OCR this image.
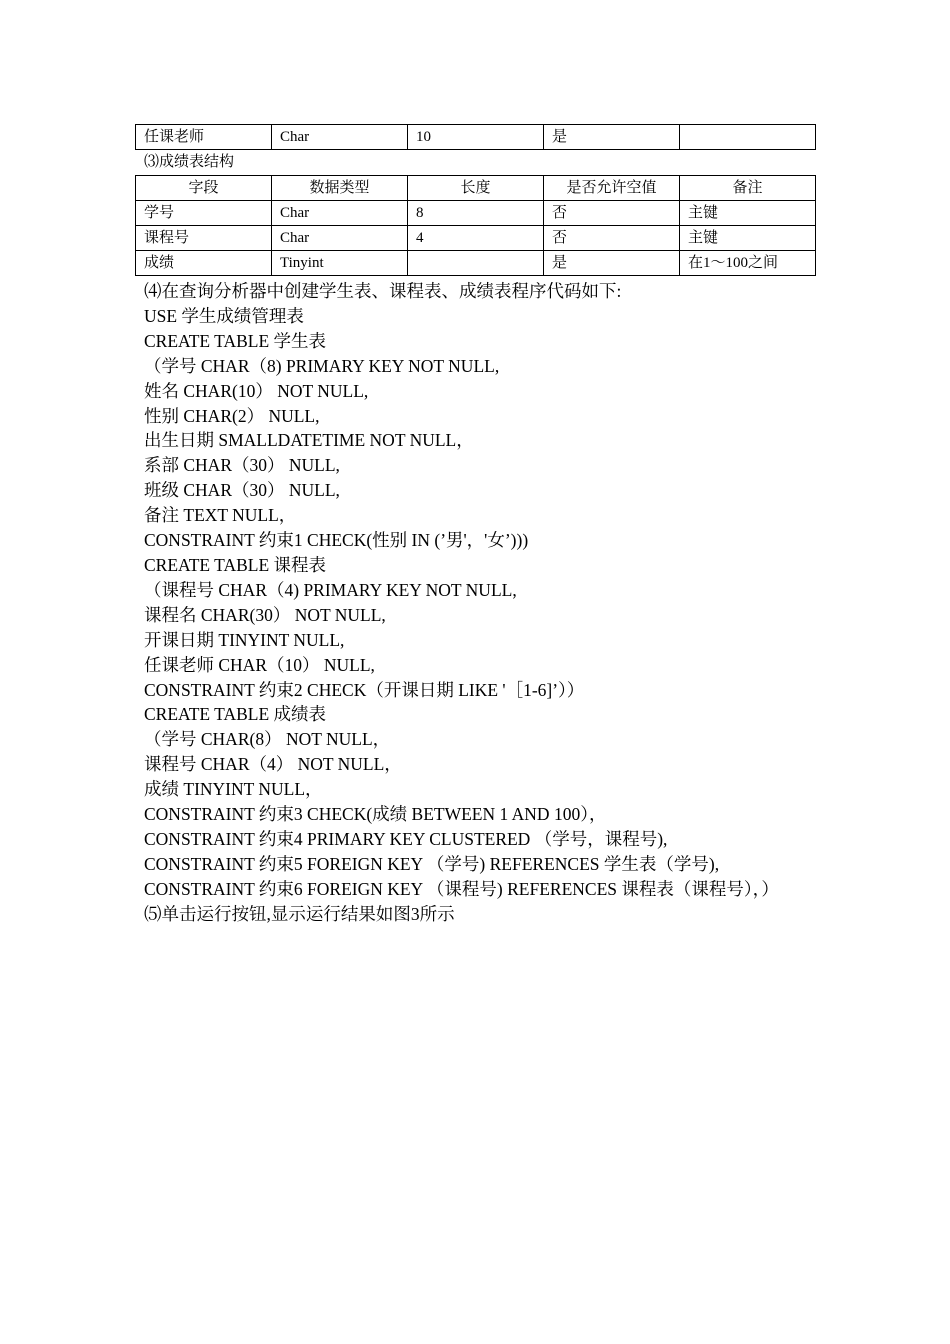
任课老师	Char	10	是	
⑶成绩表结构
字段	数据类型	长度	是否允许空值	备注
学号	Char	8	否	主键
课程号	Char	4	否	主键
成绩	Tinyint		是	在1～100之间
⑷在查询分析器中创建学生表、课程表、成绩表程序代码如下:
USE 学生成绩管理表
CREATE TABLE 学生表
（学号 CHAR（8) PRIMARY KEY NOT NULL,
姓名 CHAR(10） NOT NULL,
性别 CHAR(2） NULL,
出生日期 SMALLDATETIME NOT NULL，
系部 CHAR（30） NULL,
班级 CHAR（30） NULL,
备注 TEXT NULL，
CONSTRAINT 约束1 CHECK(性别 IN (’男'，'女’)))
CREATE TABLE 课程表
（课程号 CHAR（4) PRIMARY KEY NOT NULL,
课程名 CHAR(30） NOT NULL,
开课日期 TINYINT NULL,
任课老师 CHAR（10） NULL,
CONSTRAINT 约束2 CHECK（开课日期 LIKE '［1-6]’））
CREATE TABLE 成绩表
（学号 CHAR(8） NOT NULL，
课程号 CHAR（4） NOT NULL，
成绩 TINYINT NULL，
CONSTRAINT 约束3 CHECK(成绩 BETWEEN 1 AND 100），
CONSTRAINT 约束4 PRIMARY KEY CLUSTERED （学号，课程号),
CONSTRAINT 约束5 FOREIGN KEY （学号) REFERENCES 学生表（学号),
CONSTRAINT 约束6 FOREIGN KEY （课程号) REFERENCES 课程表（课程号），）
⑸单击运行按钮,显示运行结果如图3所示
